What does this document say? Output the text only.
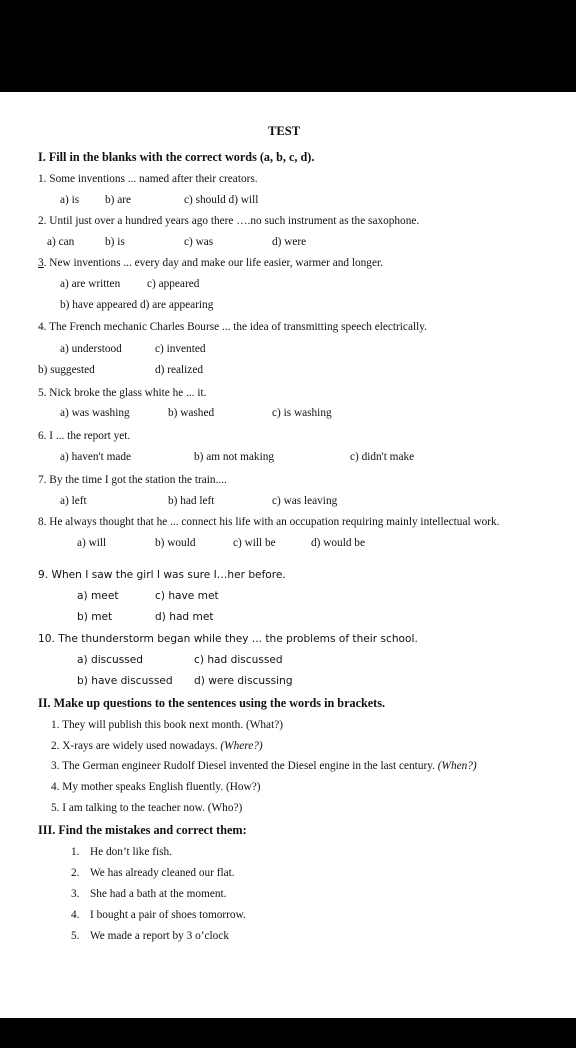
TEST
I. Fill in the blanks with the correct words (a, b, c, d).
1. Some inventions ... named after their creators.
a) is b) are	c) should d) will
2. Until just over a hundred years ago there ….no such instrument as the saxophone.
a) can	b) is	c) was	d) were
3. New inventions ... every day and make our life easier, warmer and longer.
a) are written c) appeared
b) have appeared d) are appearing
4. The French mechanic Charles Bourse ... the idea of transmitting speech electrically.
a) understood	c) invented
b) suggested	d) realized
5. Nick broke the glass white he ... it.
a) was washing	b) washed	c) is washing
6. I ... the report yet.
a) haven't made	b) am not making	c) didn't make
7. By the time I got the station the train....
a) left	b) had left	c) was leaving
8. He always thought that he ... connect his life with an occupation requiring mainly intellectual work.
a) will	b) would	c) will be	d) would be
9. When I saw the girl I was sure I…her before.
a) meet	c) have met
b) met	d) had met
10. The thunderstorm began while they ... the problems of their school.
a) discussed	c) had discussed
b) have discussed d) were discussing
II. Make up questions to the sentences using the words in brackets.
1. They will publish this book next month. (What?)
2. X-rays are widely used nowadays. (Where?)
3. The German engineer Rudolf Diesel invented the Diesel engine in the last century. (When?)
4. My mother speaks English fluently. (How?)
5. I am talking to the teacher now. (Who?)
III. Find the mistakes and correct them:
1. He don’t like fish.
2. We has already cleaned our flat.
3. She had a bath at the moment.
4. I bought a pair of shoes tomorrow.
5. We made a report by 3 o’clock
